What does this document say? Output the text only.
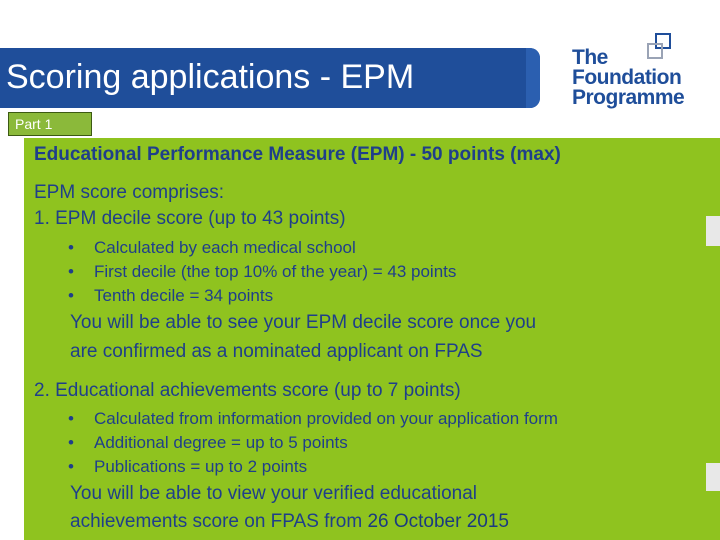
Scoring applications - EPM
The
Foundation
Programme
Part 1
Educational Performance Measure (EPM) - 50 points (max)
EPM score comprises:
1. EPM decile score (up to 43 points)
• Calculated by each medical school
• First decile (the top 10% of the year) = 43 points
• Tenth decile = 34 points
You will be able to see your EPM decile score once you
are confirmed as a nominated applicant on FPAS
2. Educational achievements score (up to 7 points)
• Calculated from information provided on your application form
• Additional degree = up to 5 points
• Publications = up to 2 points
You will be able to view your verified educational
achievements score on FPAS from 26 October 2015
